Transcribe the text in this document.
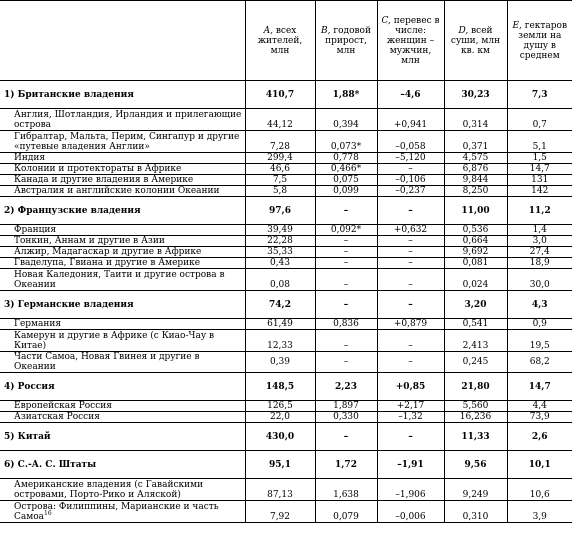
	A, всех жителей, млн	B, годовой прирост, млн	C, перевес в числе: женщин – мужчин, млн	D, всей суши, млн кв. км	E, гектаров земли на душу в среднем
1) Британские владения	410,7	1,88*	–4,6	30,23	7,3
Англия, Шотландия, Ирландия и прилегающие острова	44,12	0,394	+0,941	0,314	0,7
Гибралтар, Мальта, Перим, Сингапур и другие «путевые владения Англии»	7,28	0,073*	–0,058	0,371	5,1
Индия	299,4	0,778	–5,120	4,575	1,5
Колонии и протектораты в Африке	46,6	0,466*	–	6,876	14,7
Канада и другие владения в Америке	7,5	0,075	–0,106	9,844	131
Австралия и английские колонии Океании	5,8	0,099	–0,237	8,250	142
2) Французские владения	97,6	–	–	11,00	11,2
Франция	39,49	0,092*	+0,632	0,536	1,4
Тонкин, Аннам и другие в Азии	22,28	–	–	0,664	3,0
Алжир, Мадагаскар и другие в Африке	35,33	–	–	9,692	27,4
Гваделупа, Гвиана и другие в Америке	0,43	–	–	0,081	18,9
Новая Каледония, Таити и другие острова в Океании	0,08	–	–	0,024	30,0
3) Германские владения	74,2	–	–	3,20	4,3
Германия	61,49	0,836	+0,879	0,541	0,9
Камерун и другие в Африке (с Киао-Чау в Китае)	12,33	–	–	2,413	19,5
Части Самоа, Новая Гвинея и другие в Океании	0,39	–	–	0,245	68,2
4) Россия	148,5	2,23	+0,85	21,80	14,7
Европейская Россия	126,5	1,897	+2,17	5,560	4,4
Азиатская Россия	22,0	0,330	–1,32	16,236	73,9
5) Китай	430,0	–	–	11,33	2,6
6) С.-А. С. Штаты	95,1	1,72	–1,91	9,56	10,1
Американские владения (с Гавайскими островами, Порто-Рико и Аляской)	87,13	1,638	–1,906	9,249	10,6
Острова: Филиппины, Марианские и часть Самоа$^{16}$	7,92	0,079	–0,006	0,310	3,9
